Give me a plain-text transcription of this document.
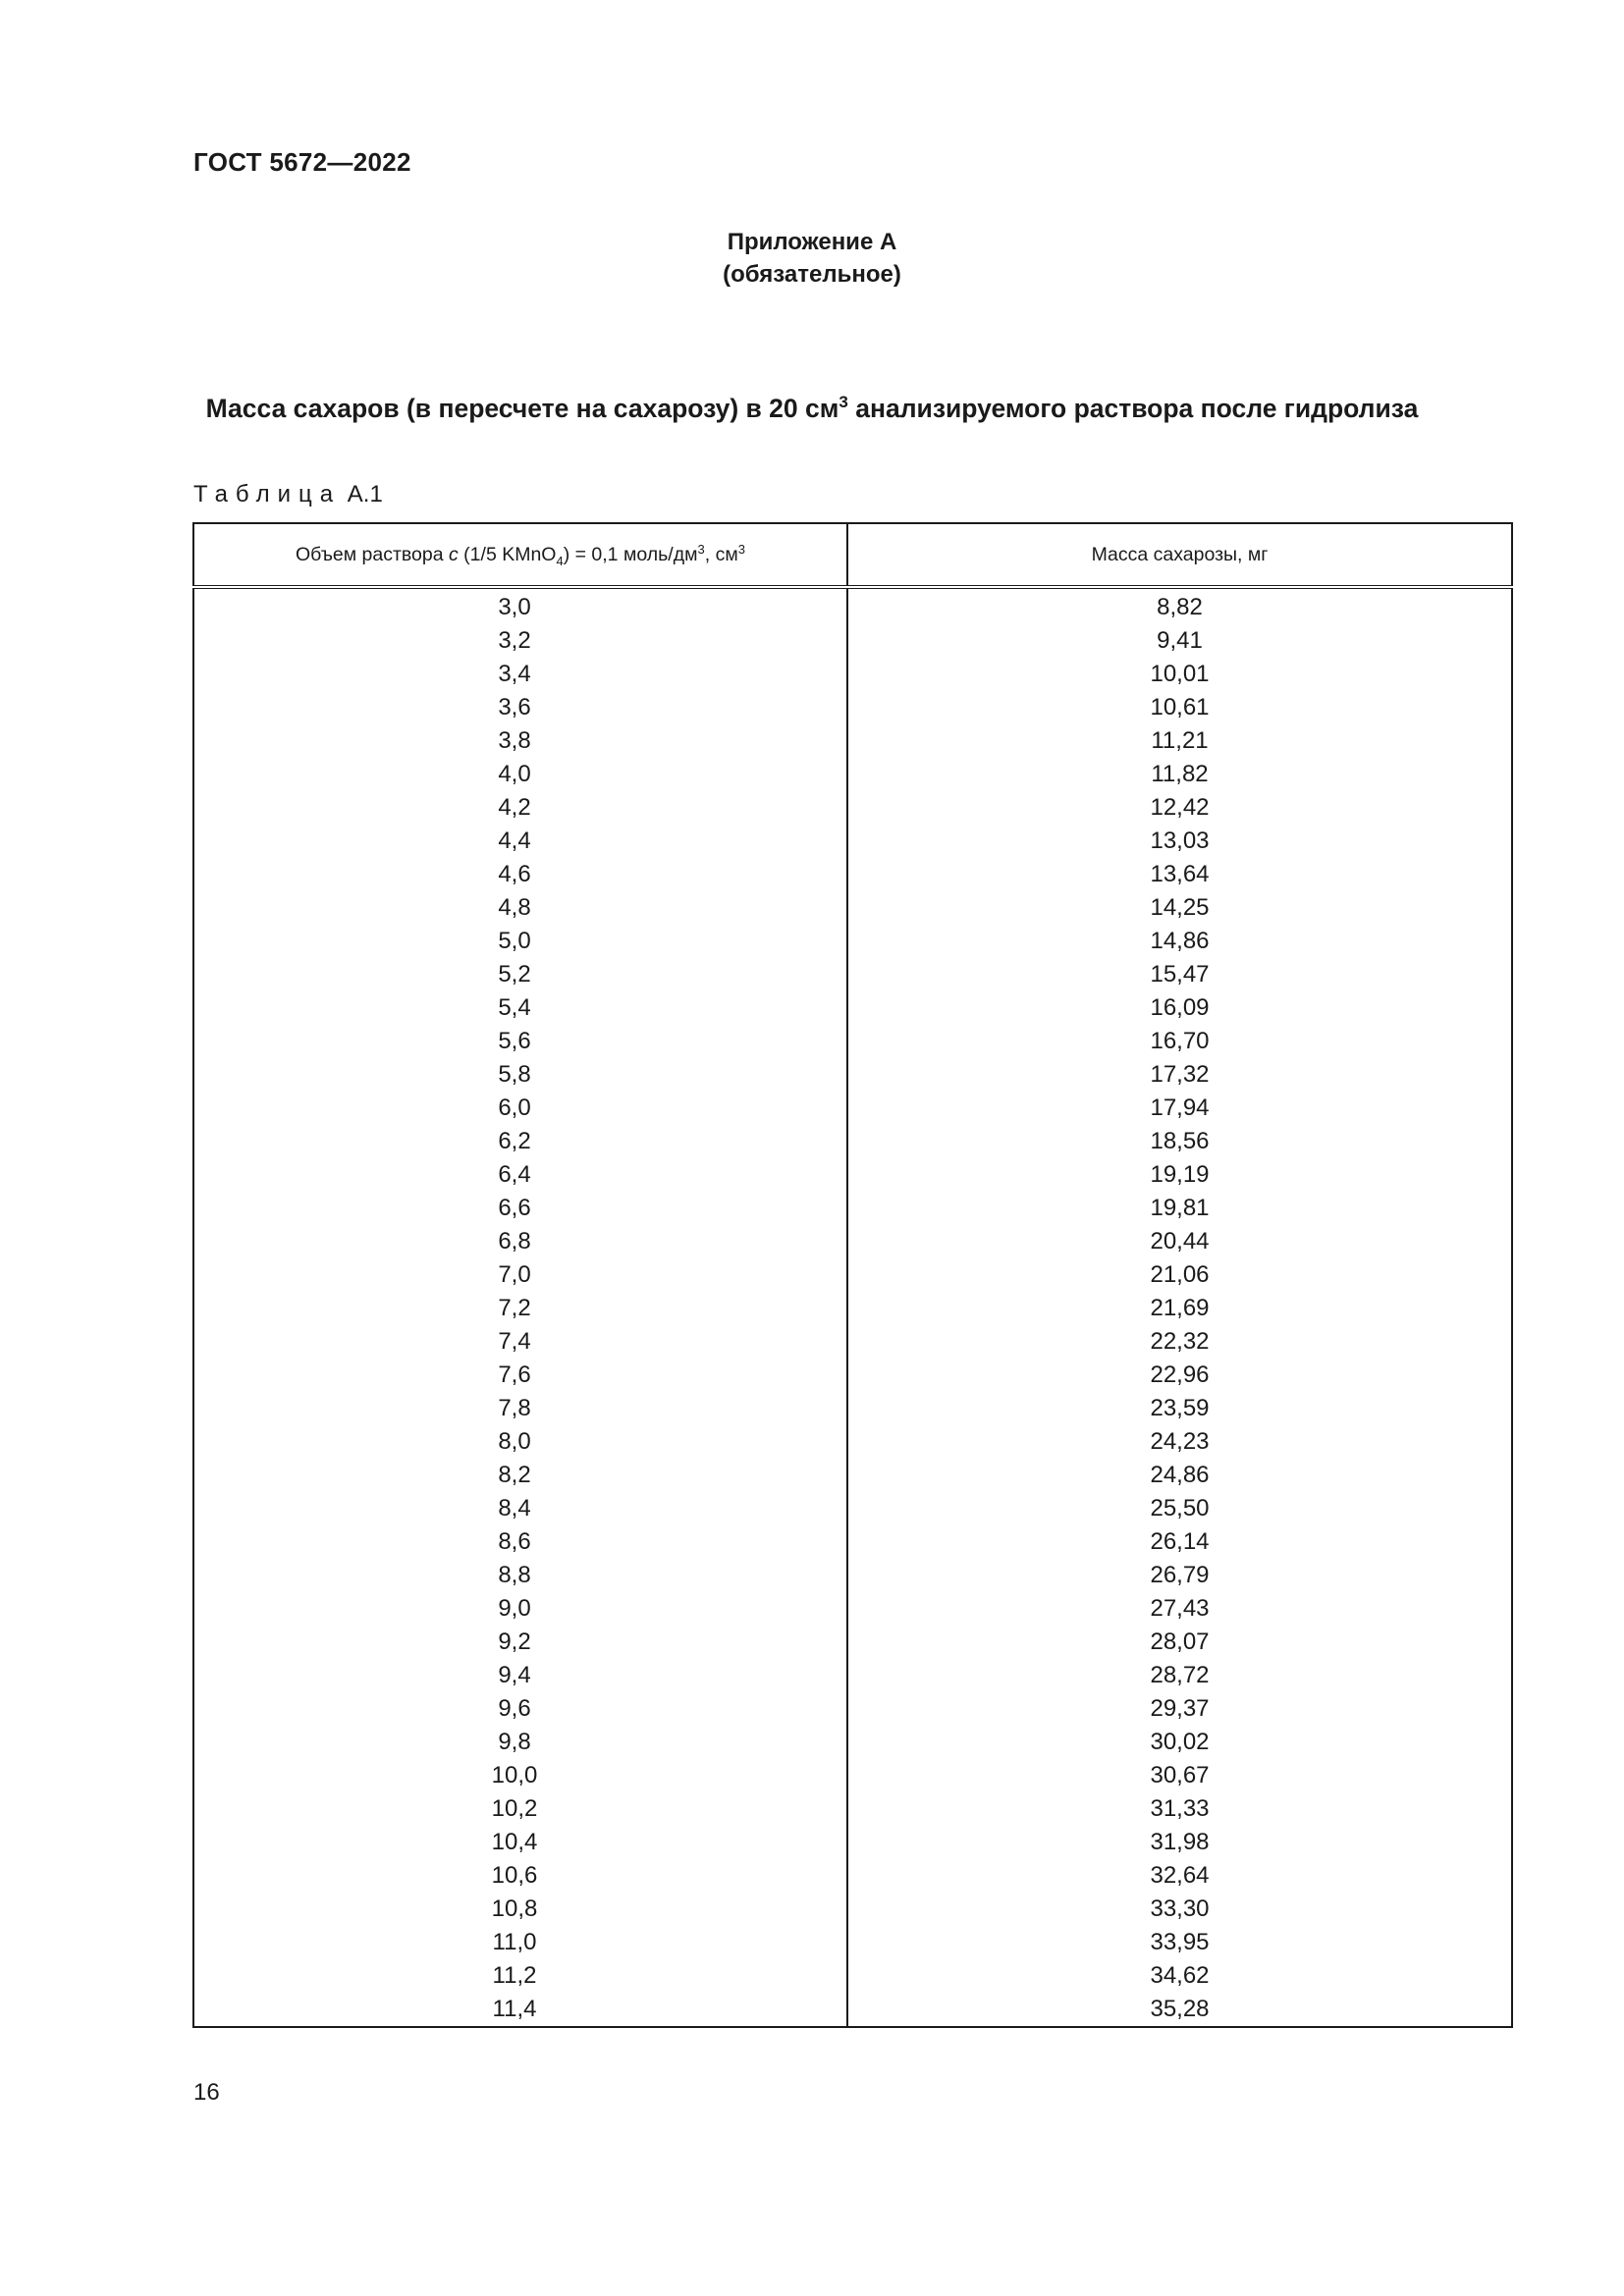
ГОСТ 5672—2022
Приложение А
(обязательное)
Масса сахаров (в пересчете на сахарозу) в 20 $см^3$ анализируемого раствора после гидролиза
Таблица А.1
Объем раствора c (1/5 KMnO$_4$) = 0,1 моль/$дм^3$, $см^3$	Масса сахарозы, мг
3,0	8,82
3,2	9,41
3,4	10,01
3,6	10,61
3,8	11,21
4,0	11,82
4,2	12,42
4,4	13,03
4,6	13,64
4,8	14,25
5,0	14,86
5,2	15,47
5,4	16,09
5,6	16,70
5,8	17,32
6,0	17,94
6,2	18,56
6,4	19,19
6,6	19,81
6,8	20,44
7,0	21,06
7,2	21,69
7,4	22,32
7,6	22,96
7,8	23,59
8,0	24,23
8,2	24,86
8,4	25,50
8,6	26,14
8,8	26,79
9,0	27,43
9,2	28,07
9,4	28,72
9,6	29,37
9,8	30,02
10,0	30,67
10,2	31,33
10,4	31,98
10,6	32,64
10,8	33,30
11,0	33,95
11,2	34,62
11,4	35,28
16
